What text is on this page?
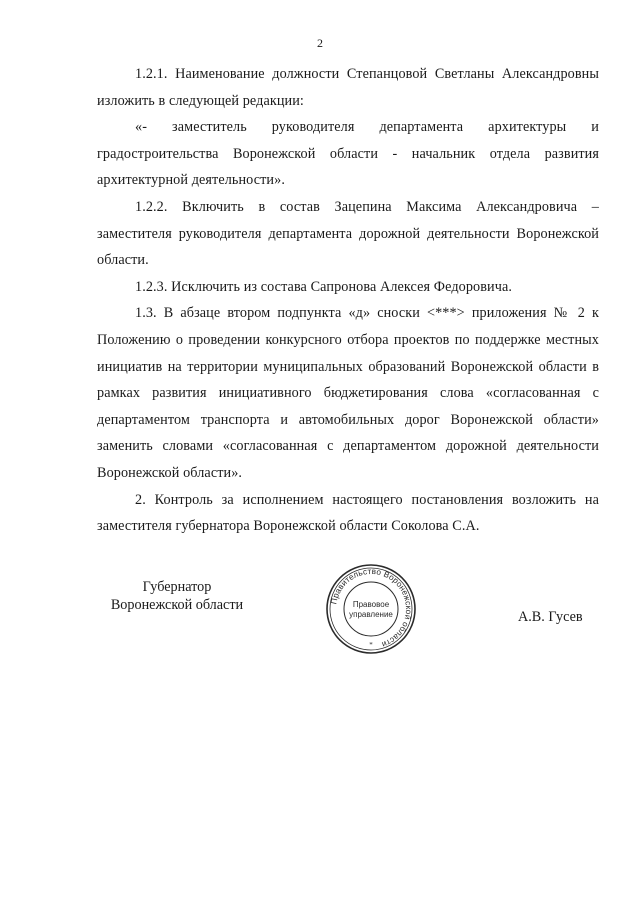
2

1.2.1. Наименование должности Степанцовой Светланы Александровны изложить в следующей редакции:

«- заместитель руководителя департамента архитектуры и градостроительства Воронежской области - начальник отдела развития архитектурной деятельности».

1.2.2. Включить в состав Зацепина Максима Александровича – заместителя руководителя департамента дорожной деятельности Воронежской области.

1.2.3. Исключить из состава Сапронова Алексея Федоровича.

1.3. В абзаце втором подпункта «д» сноски <***> приложения № 2 к Положению о проведении конкурсного отбора проектов по поддержке местных инициатив на территории муниципальных образований Воронежской области в рамках развития инициативного бюджетирования слова «согласованная с департаментом транспорта и автомобильных дорог Воронежской области» заменить словами «согласованная с департаментом дорожной деятельности Воронежской области».

2. Контроль за исполнением настоящего постановления возложить на заместителя губернатора Воронежской области Соколова С.А.

Губернатор
Воронежской области	Правительство Воронежской области
Правовое
управление
*
А.В. Гусев
